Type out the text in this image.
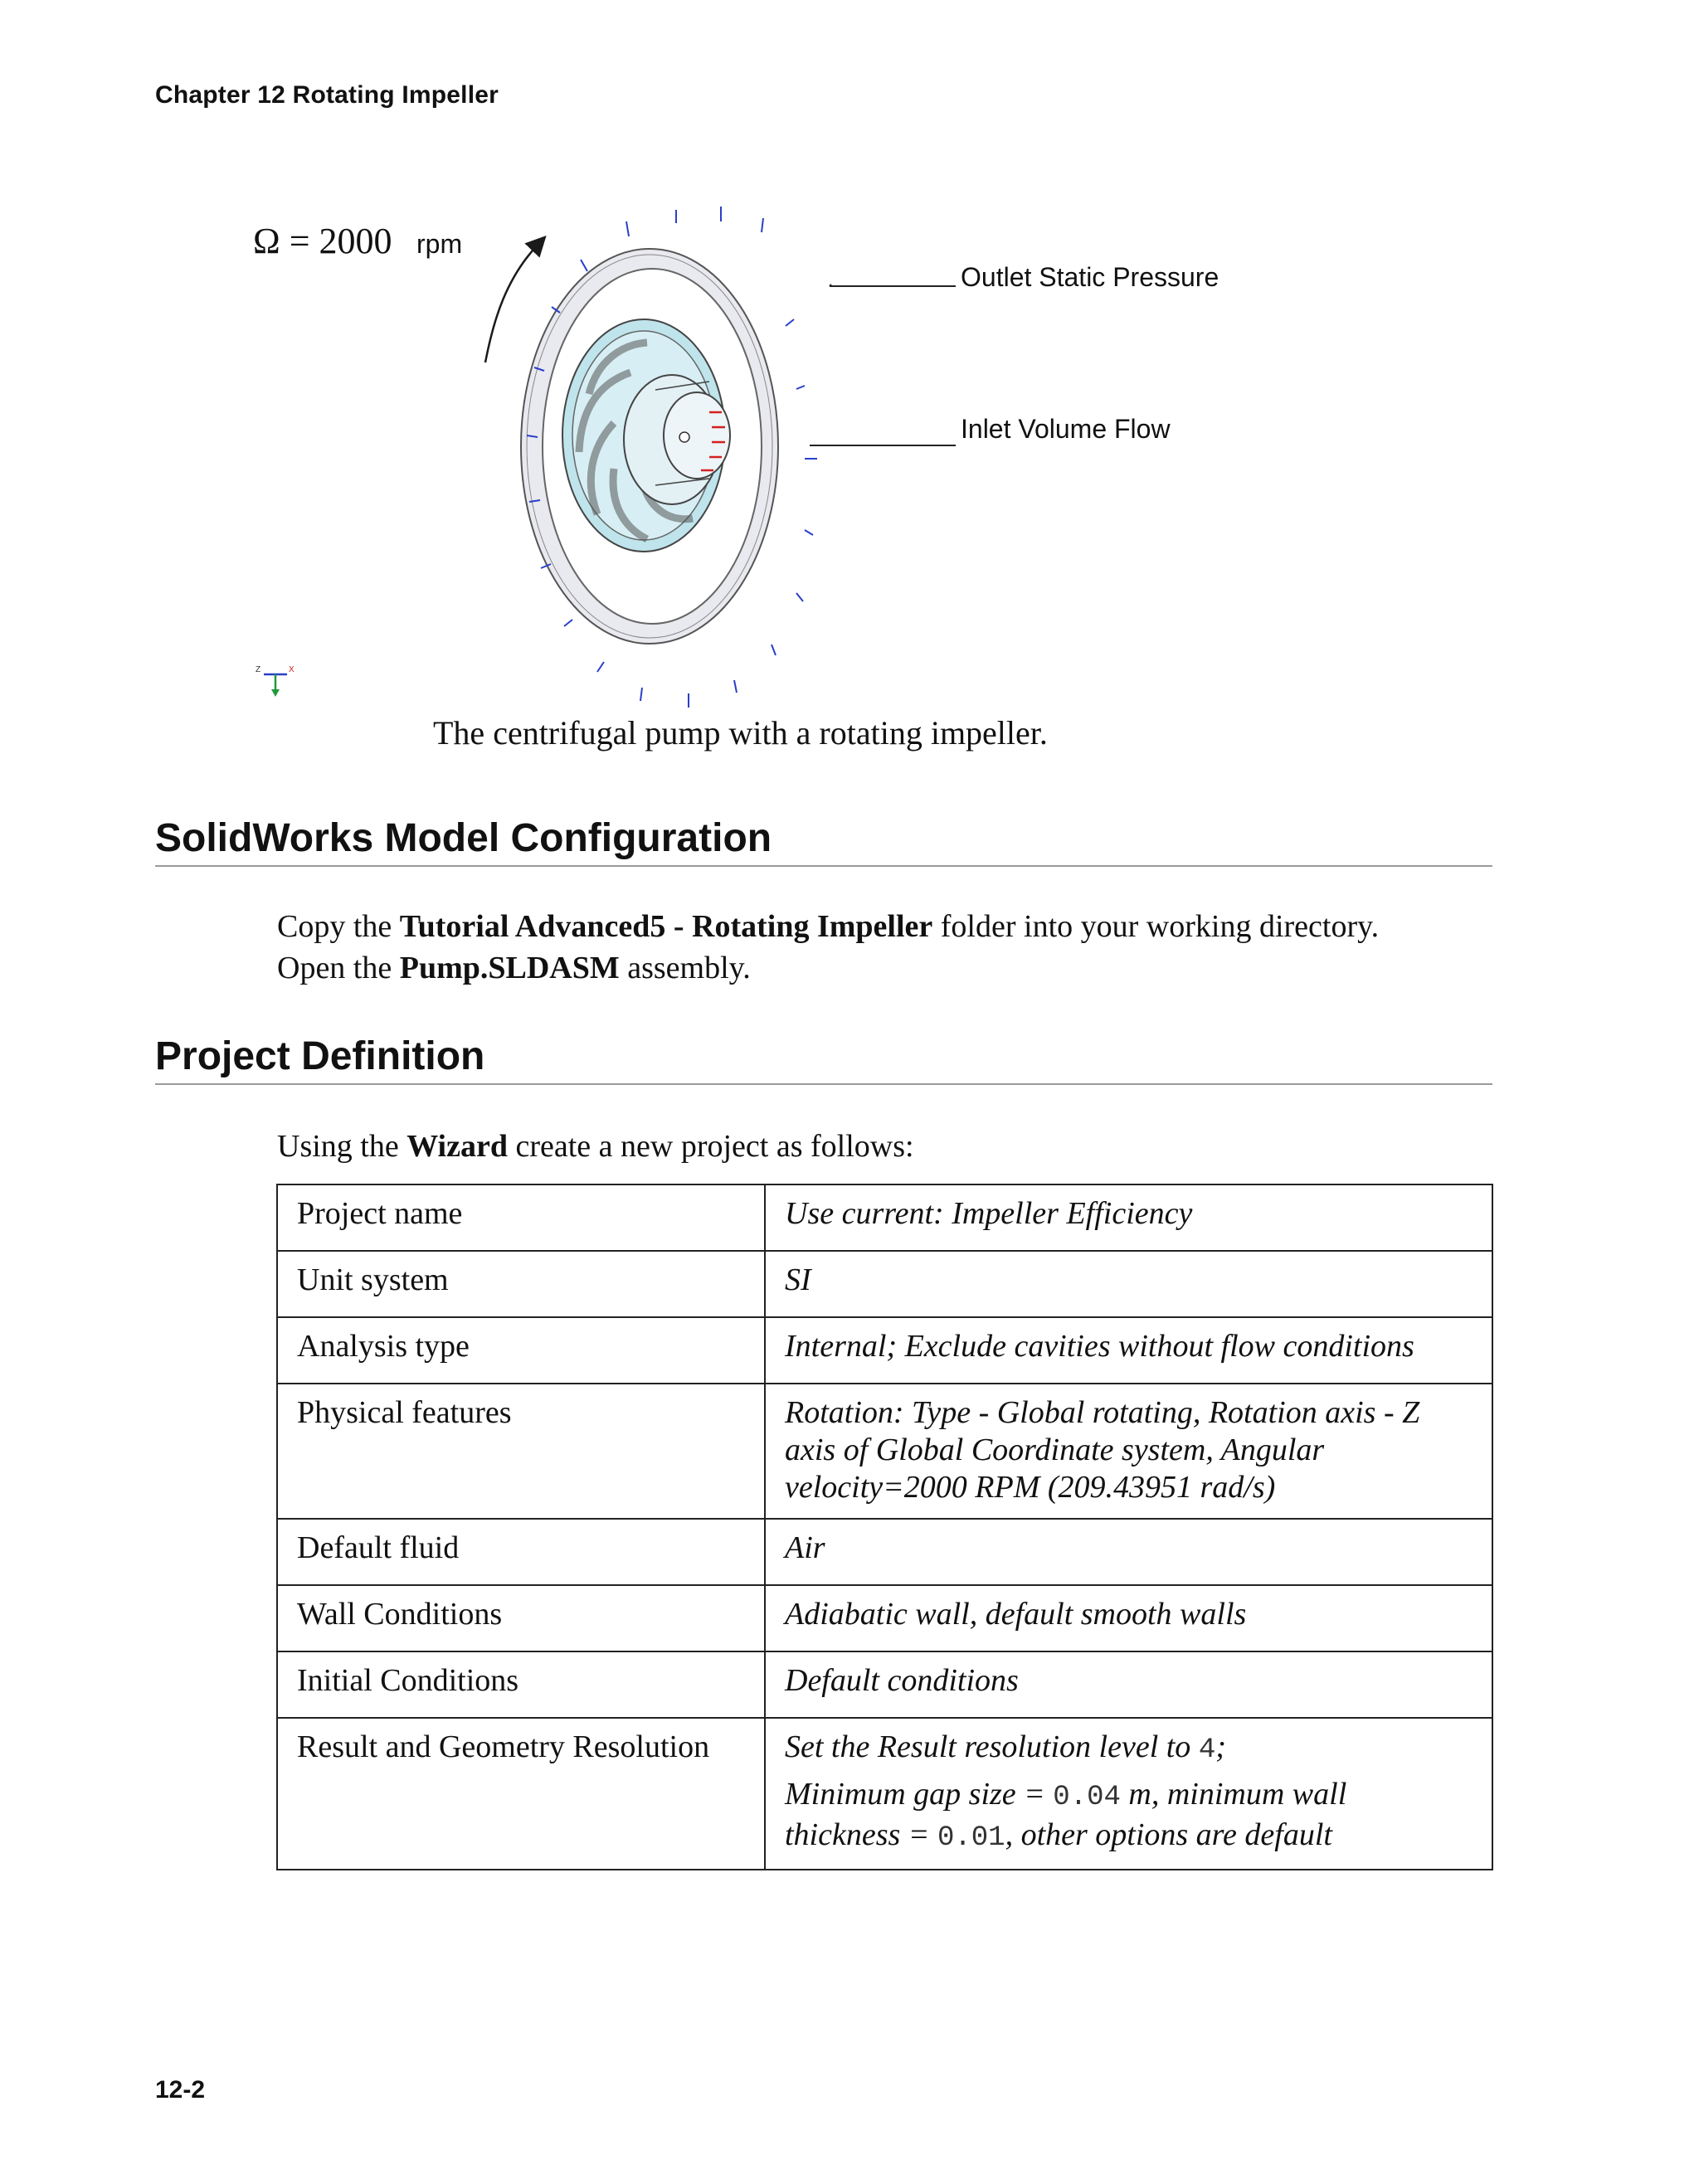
Chapter 12 Rotating Impeller
Ω = 2000 rpm
Z	X
Outlet Static Pressure
Inlet Volume Flow
The centrifugal pump with a rotating impeller.
SolidWorks Model Configuration
Copy the Tutorial Advanced5 - Rotating Impeller folder into your working directory.
Open the Pump.SLDASM assembly.
Project Definition
Using the Wizard create a new project as follows:
Project name	Use current: Impeller Efficiency
Unit system	SI
Analysis type	Internal; Exclude cavities without flow conditions
Physical features	Rotation: Type - Global rotating, Rotation axis - Z axis of Global Coordinate system, Angular velocity=2000 RPM (209.43951 rad/s)
Default fluid	Air
Wall Conditions	Adiabatic wall, default smooth walls
Initial Conditions	Default conditions
Result and Geometry Resolution	Set the Result resolution level to 4;
Minimum gap size = 0.04 m, minimum wall
thickness = 0.01, other options are default
12-2
